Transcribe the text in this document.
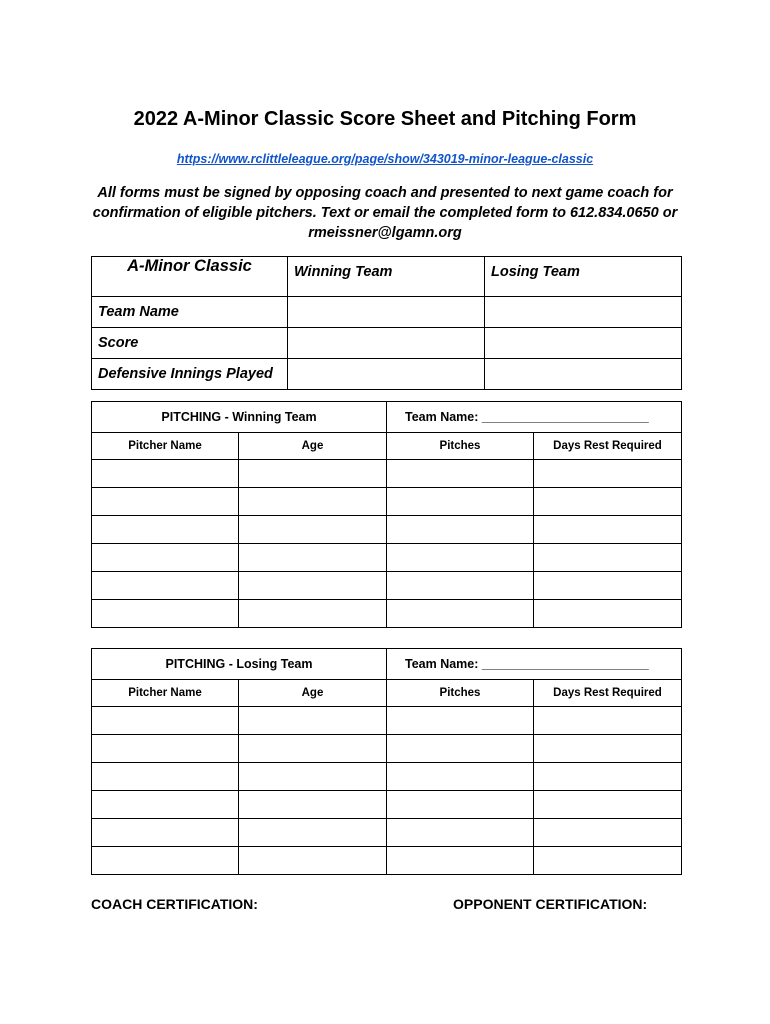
2022 A-Minor Classic Score Sheet and Pitching Form
https://www.rclittleleague.org/page/show/343019-minor-league-classic
All forms must be signed by opposing coach and presented to next game coach for
confirmation of eligible pitchers. Text or email the completed form to 612.834.0650 or
rmeissner@lgamn.org
A-Minor Classic	Winning Team	Losing Team
Team Name		
Score		
Defensive Innings Played		
PITCHING - Winning Team		Team Name: ________________________	
Pitcher Name	Age	Pitches	Days Rest Required

PITCHING - Losing Team		Team Name: ________________________	
Pitcher Name	Age	Pitches	Days Rest Required

COACH CERTIFICATION:	OPPONENT CERTIFICATION:
